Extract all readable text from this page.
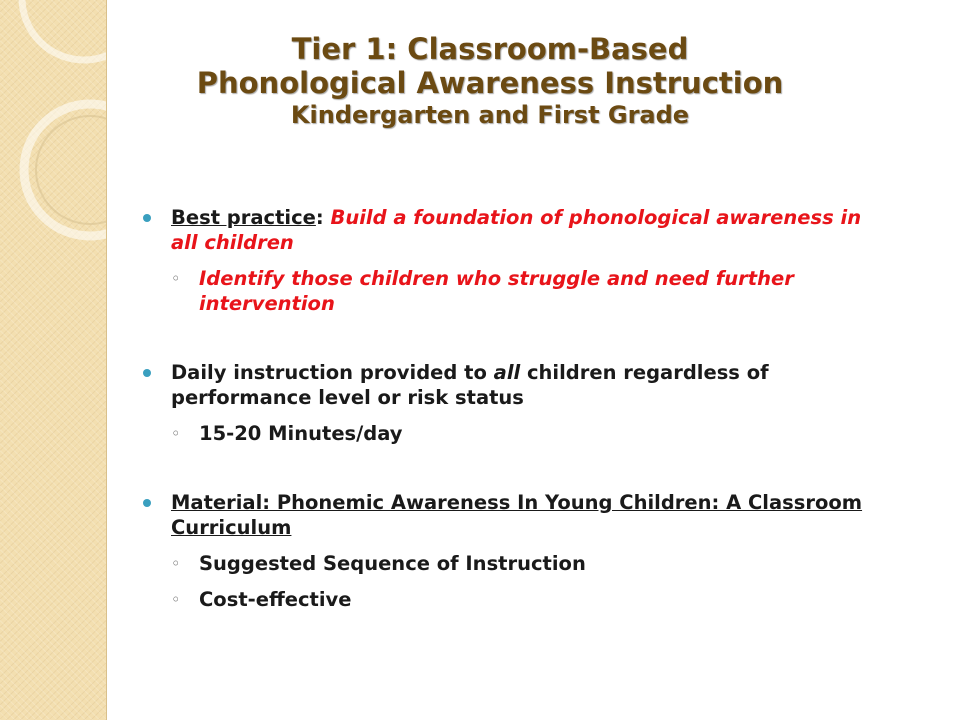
Tier 1: Classroom-Based
Phonological Awareness Instruction
Kindergarten and First Grade
Best practice: Build a foundation of phonological awareness in all children
◦ Identify those children who struggle and need further intervention
Daily instruction provided to all children regardless of performance level or risk status
◦ 15-20 Minutes/day
Material: Phonemic Awareness In Young Children: A Classroom Curriculum
◦ Suggested Sequence of Instruction
◦ Cost-effective
